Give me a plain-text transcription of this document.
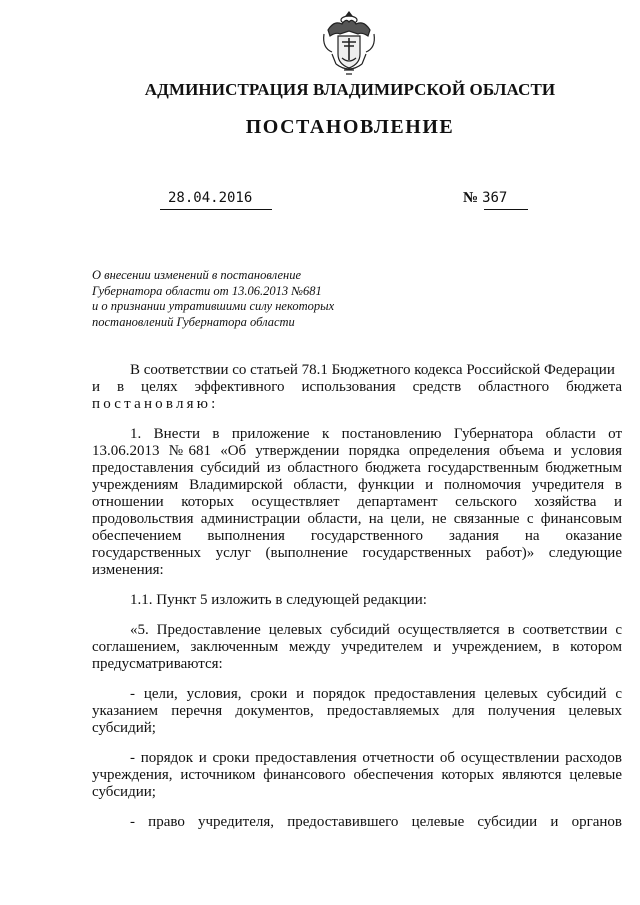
АДМИНИСТРАЦИЯ ВЛАДИМИРСКОЙ ОБЛАСТИ
ПОСТАНОВЛЕНИЕ
28.04.2016	№ 367
О внесении изменений в постановление
Губернатора области от 13.06.2013 №681
и о признании утратившими силу некоторых
постановлений Губернатора области
В соответствии со статьей 78.1 Бюджетного кодекса Российской Федерации
и в целях эффективного использования средств областного бюджета
постановляю:
1. Внести в приложение к постановлению Губернатора области от
13.06.2013 №681 «Об утверждении порядка определения объема и условия
предоставления субсидий из областного бюджета государственным бюджетным
учреждениям Владимирской области, функции и полномочия учредителя в
отношении которых осуществляет департамент сельского хозяйства и
продовольствия администрации области, на цели, не связанные с финансовым
обеспечением выполнения государственного задания на оказание
государственных услуг (выполнение государственных работ)» следующие
изменения:
1.1. Пункт 5 изложить в следующей редакции:
«5. Предоставление целевых субсидий осуществляется в соответствии с
соглашением, заключенным между учредителем и учреждением, в котором
предусматриваются:
- цели, условия, сроки и порядок предоставления целевых субсидий с
указанием перечня документов, предоставляемых для получения целевых
субсидий;
- порядок и сроки предоставления отчетности об осуществлении расходов
учреждения, источником финансового обеспечения которых являются целевые
субсидии;
- право учредителя, предоставившего целевые субсидии и органов
